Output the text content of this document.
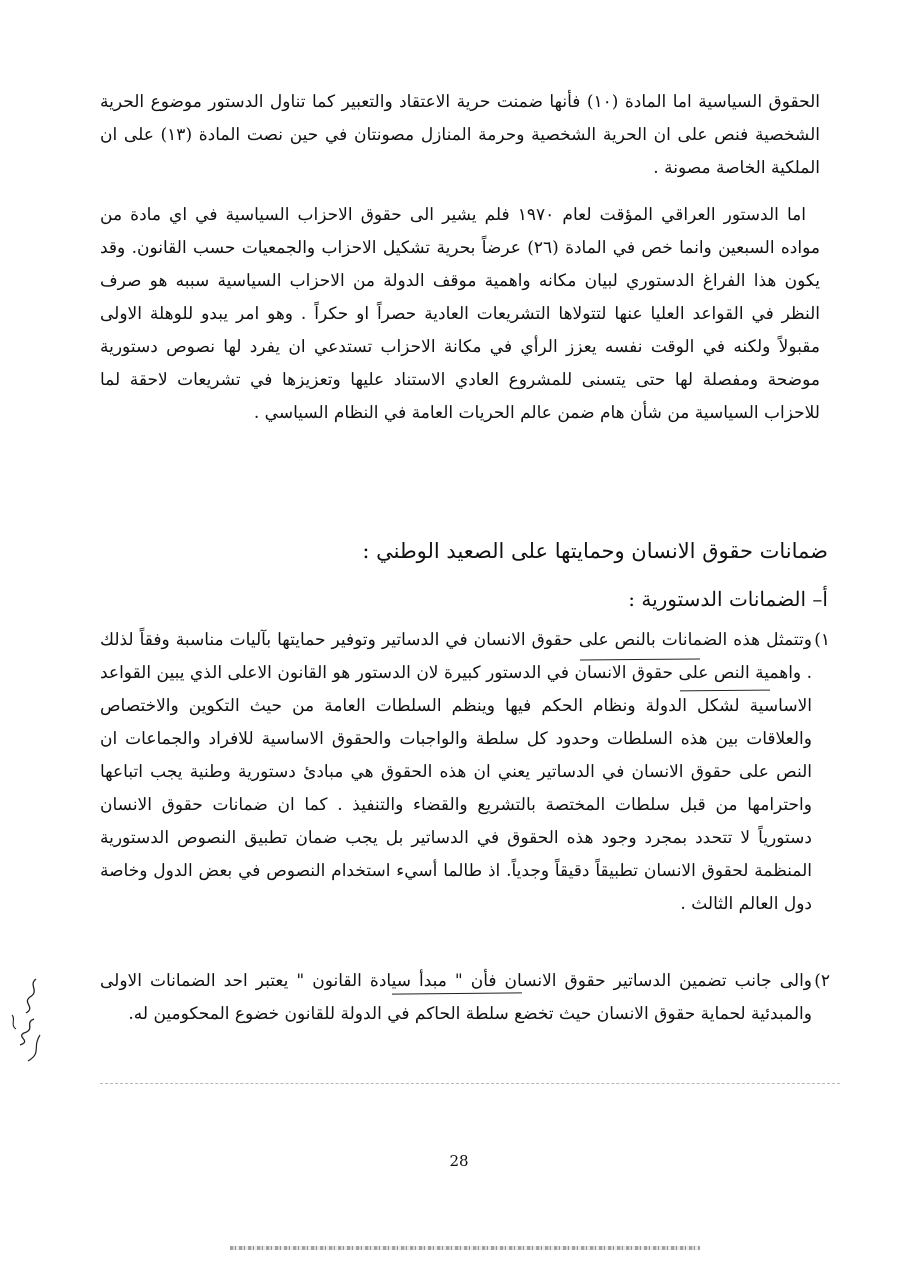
الحقوق السياسية اما المادة (١٠) فأنها ضمنت حرية الاعتقاد والتعبير كما تناول الدستور موضوع الحرية الشخصية فنص على ان الحرية الشخصية وحرمة المنازل مصونتان في حين نصت المادة (١٣) على ان الملكية الخاصة مصونة .

اما الدستور العراقي المؤقت لعام ١٩٧٠ فلم يشير الى حقوق الاحزاب السياسية في اي مادة من مواده السبعين وانما خص في المادة (٢٦) عرضاً بحرية تشكيل الاحزاب والجمعيات حسب القانون. وقد يكون هذا الفراغ الدستوري لبيان مكانه واهمية موقف الدولة من الاحزاب السياسية سببه هو صرف النظر في القواعد العليا عنها لتتولاها التشريعات العادية حصراً او حكراً . وهو امر يبدو للوهلة الاولى مقبولاً ولكنه في الوقت نفسه يعزز الرأي في مكانة الاحزاب تستدعي ان يفرد لها نصوص دستورية موضحة ومفصلة لها حتى يتسنى للمشروع العادي الاستناد عليها وتعزيزها في تشريعات لاحقة لما للاحزاب السياسية من شأن هام ضمن عالم الحريات العامة في النظام السياسي .

ضمانات حقوق الانسان وحمايتها على الصعيد الوطني :
أ– الضمانات الدستورية :
١)

وتتمثل هذه الضمانات بالنص على حقوق الانسان في الدساتير وتوفير حمايتها بآليات مناسبة وفقاً لذلك . واهمية النص على حقوق الانسان في الدستور كبيرة لان الدستور هو القانون الاعلى الذي يبين القواعد الاساسية لشكل الدولة ونظام الحكم فيها وينظم السلطات العامة من حيث التكوين والاختصاص والعلاقات بين هذه السلطات وحدود كل سلطة والواجبات والحقوق الاساسية للافراد والجماعات ان النص على حقوق الانسان في الدساتير يعني ان هذه الحقوق هي مبادئ دستورية وطنية يجب اتباعها واحترامها من قبل سلطات المختصة بالتشريع والقضاء والتنفيذ . كما ان ضمانات حقوق الانسان دستورياً لا تتحدد بمجرد وجود هذه الحقوق في الدساتير بل يجب ضمان تطبيق النصوص الدستورية المنظمة لحقوق الانسان تطبيقاً دقيقاً وجدياً. اذ طالما أسيء استخدام النصوص في بعض الدول وخاصة دول العالم الثالث .

٢)

والى جانب تضمين الدساتير حقوق الانسان فأن " مبدأ سيادة القانون " يعتبر احد الضمانات الاولى والمبدئية لحماية حقوق الانسان حيث تخضع سلطة الحاكم في الدولة للقانون خضوع المحكومين له.

28
